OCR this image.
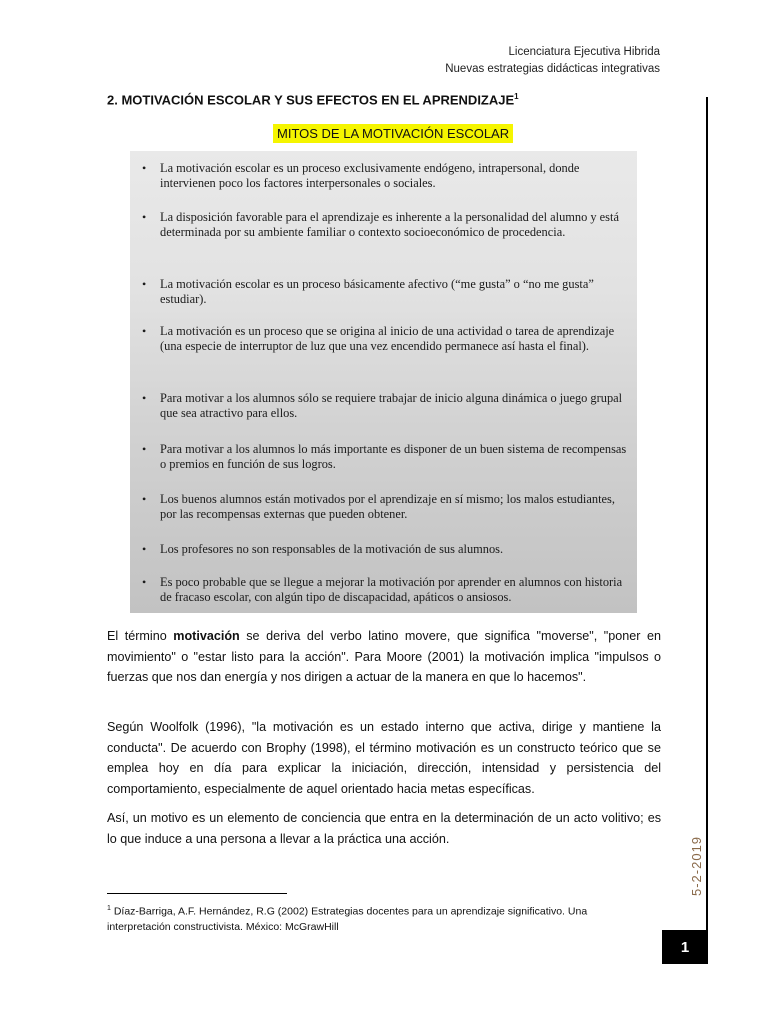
Licenciatura Ejecutiva Hibrida
Nuevas estrategias didácticas integrativas
5-2-2019
1
2. MOTIVACIÓN ESCOLAR Y SUS EFECTOS EN EL APRENDIZAJE$^1$
MITOS DE LA MOTIVACIÓN ESCOLAR
• La motivación escolar es un proceso exclusivamente endógeno, intrapersonal, donde intervienen poco los factores interpersonales o sociales.
• La disposición favorable para el aprendizaje es inherente a la personalidad del alumno y está determinada por su ambiente familiar o contexto socioeconómico de procedencia.
• La motivación escolar es un proceso básicamente afectivo (“me gusta” o “no me gusta” estudiar).
• La motivación es un proceso que se origina al inicio de una actividad o tarea de aprendizaje (una especie de interruptor de luz que una vez encendido permanece así hasta el final).
• Para motivar a los alumnos sólo se requiere trabajar de inicio alguna dinámica o juego grupal que sea atractivo para ellos.
• Para motivar a los alumnos lo más importante es disponer de un buen sistema de recompensas o premios en función de sus logros.
• Los buenos alumnos están motivados por el aprendizaje en sí mismo; los malos estudiantes, por las recompensas externas que pueden obtener.
• Los profesores no son responsables de la motivación de sus alumnos.
• Es poco probable que se llegue a mejorar la motivación por aprender en alumnos con historia de fracaso escolar, con algún tipo de discapacidad, apáticos o ansiosos.

El término motivación se deriva del verbo latino movere, que significa "moverse", "poner en movimiento" o "estar listo para la acción". Para Moore (2001) la motivación implica "impulsos o fuerzas que nos dan energía y nos dirigen a actuar de la manera en que lo hacemos".

Según Woolfolk (1996), "la motivación es un estado interno que activa, dirige y mantiene la conducta". De acuerdo con Brophy (1998), el término motivación es un constructo teórico que se emplea hoy en día para explicar la iniciación, dirección, intensidad y persistencia del comportamiento, especialmente de aquel orientado hacia metas específicas.

Así, un motivo es un elemento de conciencia que entra en la determinación de un acto volitivo; es lo que induce a una persona a llevar a la práctica una acción.

$^1$ Díaz-Barriga, A.F. Hernández, R.G (2002) Estrategias docentes para un aprendizaje significativo. Una interpretación constructivista. México: McGrawHill
